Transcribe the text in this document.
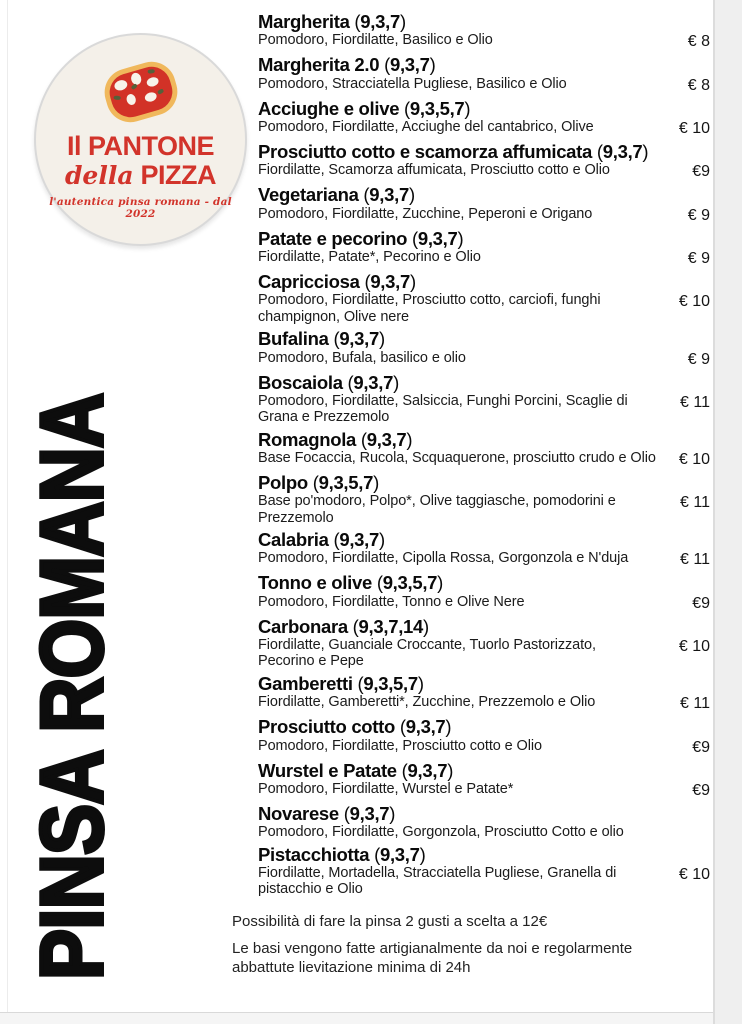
Il PANTONE
della PIZZA
l'autentica pinsa romana - dal 2022
PINSA ROMANA
Margherita ( 9,3,7 )
Pomodoro, Fiordilatte, Basilico e Olio	€ 8
Margherita 2.0 ( 9,3,7 )
Pomodoro, Stracciatella Pugliese, Basilico e Olio	€ 8
Acciughe e olive ( 9,3,5,7 )
Pomodoro, Fiordilatte, Acciughe del cantabrico, Olive	€ 10
Prosciutto cotto e scamorza affumicata ( 9,3,7 )
Fiordilatte, Scamorza affumicata, Prosciutto cotto e Olio	€9
Vegetariana ( 9,3,7 )
Pomodoro, Fiordilatte, Zucchine, Peperoni e Origano	€ 9
Patate e pecorino ( 9,3,7 )
Fiordilatte, Patate*, Pecorino e Olio	€ 9
Capricciosa ( 9,3,7 )
Pomodoro, Fiordilatte, Prosciutto cotto, carciofi, funghi champignon, Olive nere
€ 10
Bufalina ( 9,3,7 )
Pomodoro, Bufala, basilico e olio	€ 9
Boscaiola ( 9,3,7 )
Pomodoro, Fiordilatte, Salsiccia, Funghi Porcini, Scaglie di Grana e Prezzemolo
€ 11
Romagnola ( 9,3,7 )
Base Focaccia, Rucola, Scquaquerone, prosciutto crudo e Olio	€ 10
Polpo ( 9,3,5,7 )
Base po'modoro, Polpo*, Olive taggiasche, pomodorini e Prezzemolo
€ 11
Calabria ( 9,3,7 )
Pomodoro, Fiordilatte, Cipolla Rossa, Gorgonzola e N'duja	€ 11
Tonno e olive ( 9,3,5,7 )
Pomodoro, Fiordilatte, Tonno e Olive Nere	€9
Carbonara ( 9,3,7,14 )
Fiordilatte, Guanciale Croccante, Tuorlo Pastorizzato, Pecorino e Pepe
€ 10
Gamberetti ( 9,3,5,7 )
Fiordilatte, Gamberetti*, Zucchine, Prezzemolo e Olio	€ 11
Prosciutto cotto ( 9,3,7 )
Pomodoro, Fiordilatte, Prosciutto cotto e Olio	€9
Wurstel e Patate ( 9,3,7 )
Pomodoro, Fiordilatte, Wurstel e Patate*	€9
Novarese ( 9,3,7 )
Pomodoro, Fiordilatte, Gorgonzola, Prosciutto Cotto e olio
Pistacchiotta ( 9,3,7 )
Fiordilatte, Mortadella, Stracciatella Pugliese, Granella di pistacchio e Olio
€ 10
Possibilità di fare la pinsa 2 gusti a scelta a 12€
Le basi vengono fatte artigianalmente da noi e regolarmente abbattute lievitazione minima di 24h
